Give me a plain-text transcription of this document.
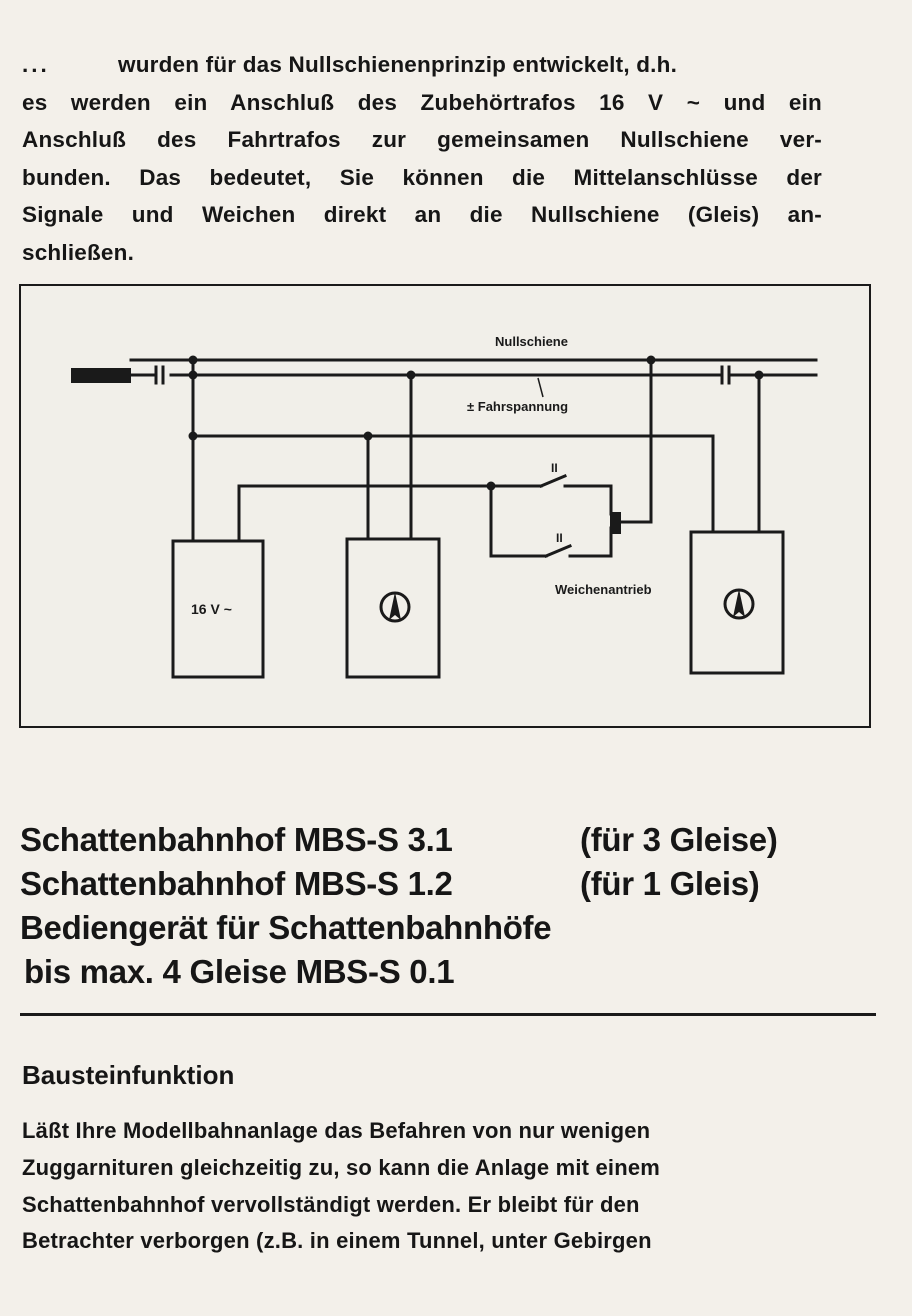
...	wurden für das Nullschienenprinzip entwickelt, d.h.
es werden ein Anschluß des Zubehörtrafos 16 V ~ und ein
Anschluß des Fahrtrafos zur gemeinsamen Nullschiene ver-
bunden. Das bedeutet, Sie können die Mittelanschlüsse der
Signale und Weichen direkt an die Nullschiene (Gleis) an-
schließen.
Nullschiene
± Fahrspannung
16 V ~
Weichenantrieb
II
II
Schattenbahnhof MBS-S 3.1	(für 3 Gleise)
Schattenbahnhof MBS-S 1.2	(für 1 Gleis)
Bediengerät für Schattenbahnhöfe
bis max. 4 Gleise MBS-S 0.1
Bausteinfunktion
Läßt Ihre Modellbahnanlage das Befahren von nur wenigen
Zuggarnituren gleichzeitig zu, so kann die Anlage mit einem
Schattenbahnhof vervollständigt werden. Er bleibt für den
Betrachter verborgen (z.B. in einem Tunnel, unter Gebirgen
